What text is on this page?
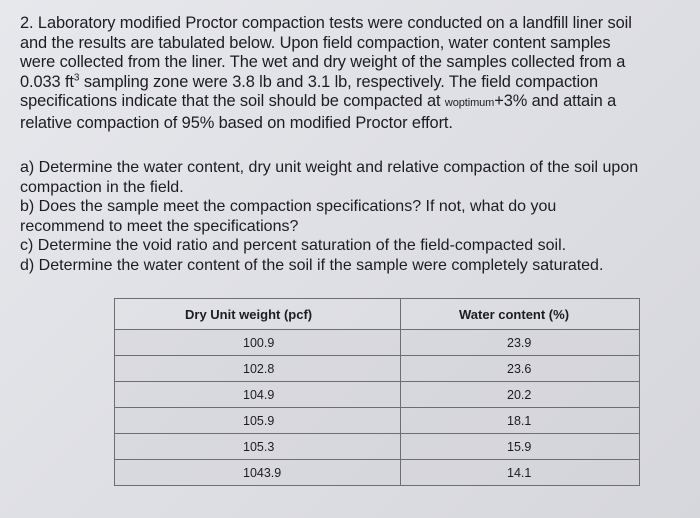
2. Laboratory modified Proctor compaction tests were conducted on a landfill liner soil

and the results are tabulated below. Upon field compaction, water content samples

were collected from the liner. The wet and dry weight of the samples collected from a

0.033 $ft^3$ sampling zone were 3.8 lb and 3.1 lb, respectively. The field compaction

specifications indicate that the soil should be compacted at woptimum+3% and attain a

relative compaction of 95% based on modified Proctor effort.

a) Determine the water content, dry unit weight and relative compaction of the soil upon
compaction in the field.
b) Does the sample meet the compaction specifications? If not, what do you
recommend to meet the specifications?
c) Determine the void ratio and percent saturation of the field-compacted soil.
d) Determine the water content of the soil if the sample were completely saturated.
Dry Unit weight (pcf)	Water content (%)
100.9	23.9
102.8	23.6
104.9	20.2
105.9	18.1
105.3	15.9
1043.9	14.1
